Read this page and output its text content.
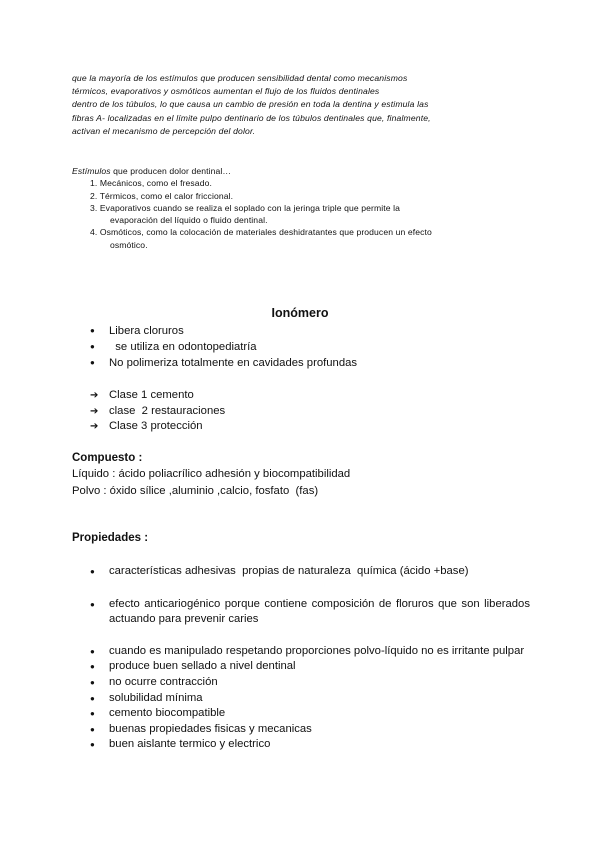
que la mayoría de los estímulos que producen sensibilidad dental como mecanismos
térmicos, evaporativos y osmóticos aumentan el flujo de los fluidos dentinales
dentro de los túbulos, lo que causa un cambio de presión en toda la dentina y estimula las
fibras A- localizadas en el límite pulpo dentinario de los túbulos dentinales que, finalmente,
activan el mecanismo de percepción del dolor.
Estímulos que producen dolor dentinal…
1. Mecánicos, como el fresado.
2. Térmicos, como el calor friccional.
3. Evaporativos cuando se realiza el soplado con la jeringa triple que permite la
evaporación del líquido o fluido dentinal.
4. Osmóticos, como la colocación de materiales deshidratantes que producen un efecto
osmótico.
Ionómero
● Libera cloruros
●   se utiliza en odontopediatría
● No polimeriza totalmente en cavidades profundas
➔ Clase 1 cemento
➔ clase  2 restauraciones
➔ Clase 3 protección
Compuesto :
Líquido : ácido poliacrílico adhesión y biocompatibilidad
Polvo : óxido sílice ,aluminio ,calcio, fosfato  (fas)
Propiedades :
● características adhesivas  propias de naturaleza  química (ácido +base)
● efecto anticariogénico porque contiene composición de floruros que son liberados actuando para prevenir caries
● cuando es manipulado respetando proporciones polvo-líquido no es irritante pulpar
● produce buen sellado a nivel dentinal
● no ocurre contracción
● solubilidad mínima
● cemento biocompatible
● buenas propiedades fisicas y mecanicas
● buen aislante termico y electrico
